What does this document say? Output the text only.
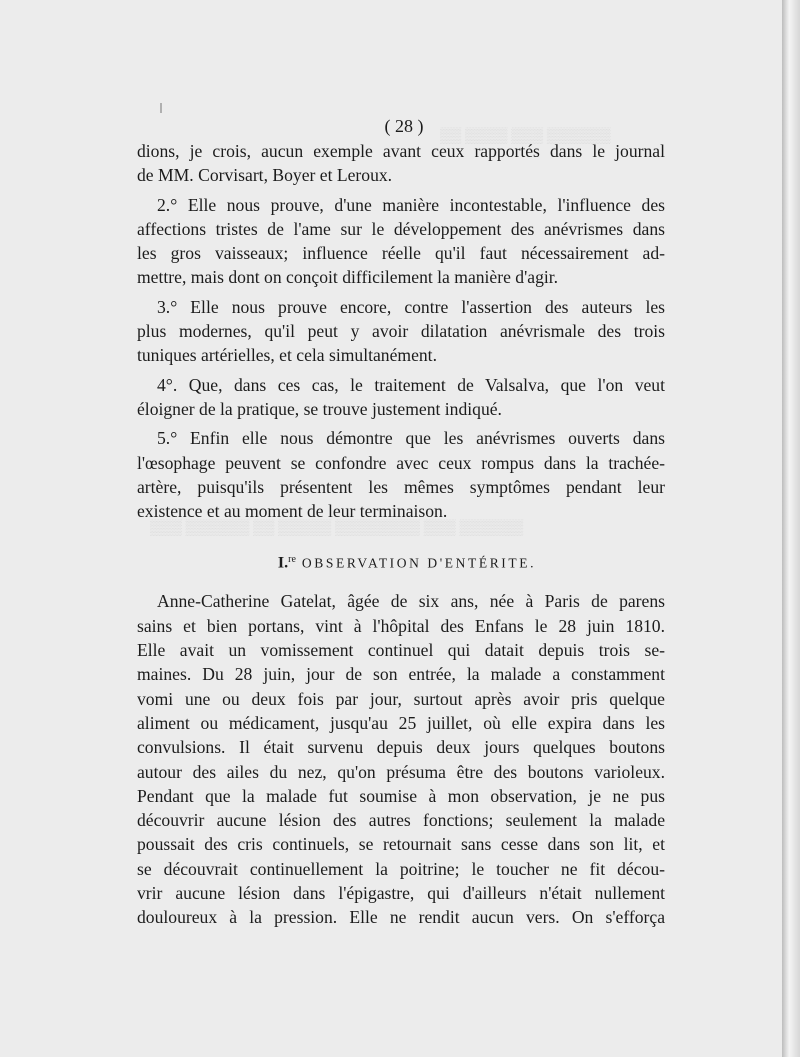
▒▒ ▒▒▒▒ ▒▒▒ ▒▒▒▒▒▒
▒▒▒ ▒▒▒▒▒▒ ▒▒ ▒▒▒▒▒ ▒▒▒▒▒▒▒▒ ▒▒▒ ▒▒▒▒▒▒
( 28 )
dions, je crois, aucun exemple avant ceux rapportés dans le journal
de MM. Corvisart, Boyer et Leroux.
2.° Elle nous prouve, d'une manière incontestable, l'influence des
affections tristes de l'ame sur le développement des anévrismes dans
les gros vaisseaux; influence réelle qu'il faut nécessairement ad-
mettre, mais dont on conçoit difficilement la manière d'agir.
3.° Elle nous prouve encore, contre l'assertion des auteurs les
plus modernes, qu'il peut y avoir dilatation anévrismale des trois
tuniques artérielles, et cela simultanément.
4°. Que, dans ces cas, le traitement de Valsalva, que l'on veut
éloigner de la pratique, se trouve justement indiqué.
5.° Enfin elle nous démontre que les anévrismes ouverts dans
l'œsophage peuvent se confondre avec ceux rompus dans la trachée-
artère, puisqu'ils présentent les mêmes symptômes pendant leur
existence et au moment de leur terminaison.
I.$^{re}$ OBSERVATION D'ENTÉRITE.
Anne-Catherine Gatelat, âgée de six ans, née à Paris de parens
sains et bien portans, vint à l'hôpital des Enfans le 28 juin 1810.
Elle avait un vomissement continuel qui datait depuis trois se-
maines. Du 28 juin, jour de son entrée, la malade a constamment
vomi une ou deux fois par jour, surtout après avoir pris quelque
aliment ou médicament, jusqu'au 25 juillet, où elle expira dans les
convulsions. Il était survenu depuis deux jours quelques boutons
autour des ailes du nez, qu'on présuma être des boutons varioleux.
Pendant que la malade fut soumise à mon observation, je ne pus
découvrir aucune lésion des autres fonctions; seulement la malade
poussait des cris continuels, se retournait sans cesse dans son lit, et
se découvrait continuellement la poitrine; le toucher ne fit décou-
vrir aucune lésion dans l'épigastre, qui d'ailleurs n'était nullement
douloureux à la pression. Elle ne rendit aucun vers. On s'efforça
